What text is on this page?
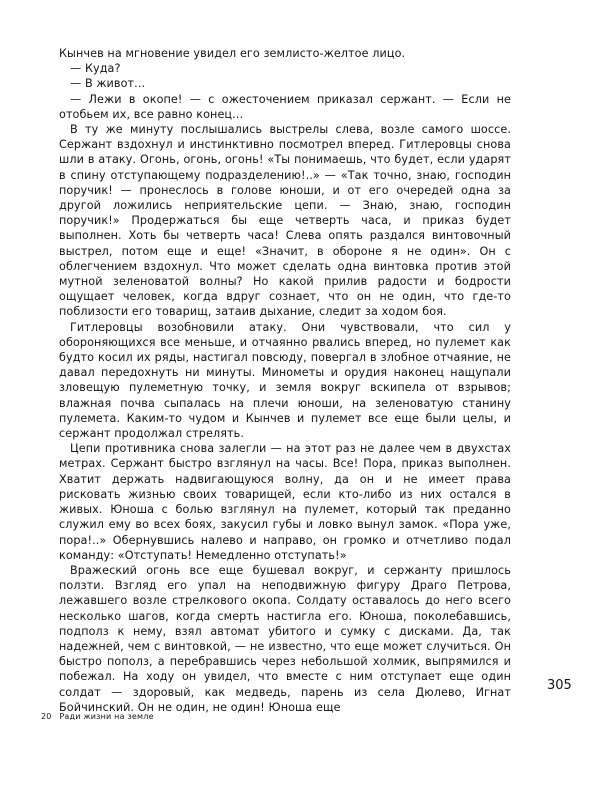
Кынчев на мгновение увидел его землисто-желтое лицо.

— Куда?

— В живот...

— Лежи в окопе! — с ожесточением приказал сержант. — Если не отобьем их, все равно конец...

В ту же минуту послышались выстрелы слева, возле самого шоссе. Сержант вздохнул и инстинктивно посмотрел вперед. Гитлеровцы снова шли в атаку. Огонь, огонь, огонь! «Ты понимаешь, что будет, если ударят в спину отступающему подразделению!..» — «Так точно, знаю, господин поручик! — пронеслось в голове юноши, и от его очередей одна за другой ложились неприятельские цепи. — Знаю, знаю, господин поручик!» Продержаться бы еще четверть часа, и приказ будет выполнен. Хоть бы четверть часа! Слева опять раздался винтовочный выстрел, потом еще и еще! «Значит, в обороне я не один». Он с облегчением вздохнул. Что может сделать одна винтовка против этой мутной зеленоватой волны? Но какой прилив радости и бодрости ощущает человек, когда вдруг сознает, что он не один, что где-то поблизости его товарищ, затаив дыхание, следит за ходом боя.

Гитлеровцы возобновили атаку. Они чувствовали, что сил у обороняющихся все меньше, и отчаянно рвались вперед, но пулемет как будто косил их ряды, настигал повсюду, повергал в злобное отчаяние, не давал передохнуть ни минуты. Минометы и орудия наконец нащупали зловещую пулеметную точку, и земля вокруг вскипела от взрывов; влажная почва сыпалась на плечи юноши, на зеленоватую станину пулемета. Каким-то чудом и Кынчев и пулемет все еще были целы, и сержант продолжал стрелять.

Цепи противника снова залегли — на этот раз не далее чем в двухстах метрах. Сержант быстро взглянул на часы. Все! Пора, приказ выполнен. Хватит держать надвигающуюся волну, да он и не имеет права рисковать жизнью своих товарищей, если кто-либо из них остался в живых. Юноша с болью взглянул на пулемет, который так преданно служил ему во всех боях, закусил губы и ловко вынул замок. «Пора уже, пора!..» Обернувшись налево и направо, он громко и отчетливо подал команду: «Отступать! Немедленно отступать!»

Вражеский огонь все еще бушевал вокруг, и сержанту пришлось ползти. Взгляд его упал на неподвижную фигуру Драго Петрова, лежавшего возле стрелкового окопа. Солдату оставалось до него всего несколько шагов, когда смерть настигла его. Юноша, поколебавшись, подполз к нему, взял автомат убитого и сумку с дисками. Да, так надежней, чем с винтовкой, — не известно, что еще может случиться. Он быстро пополз, а перебравшись через небольшой холмик, выпрямился и побежал. На ходу он увидел, что вместе с ним отступает еще один солдат — здоровый, как медведь, парень из села Дюлево, Игнат Бойчинский. Он не один, не один! Юноша еще

305
20 Ради жизни на земле
